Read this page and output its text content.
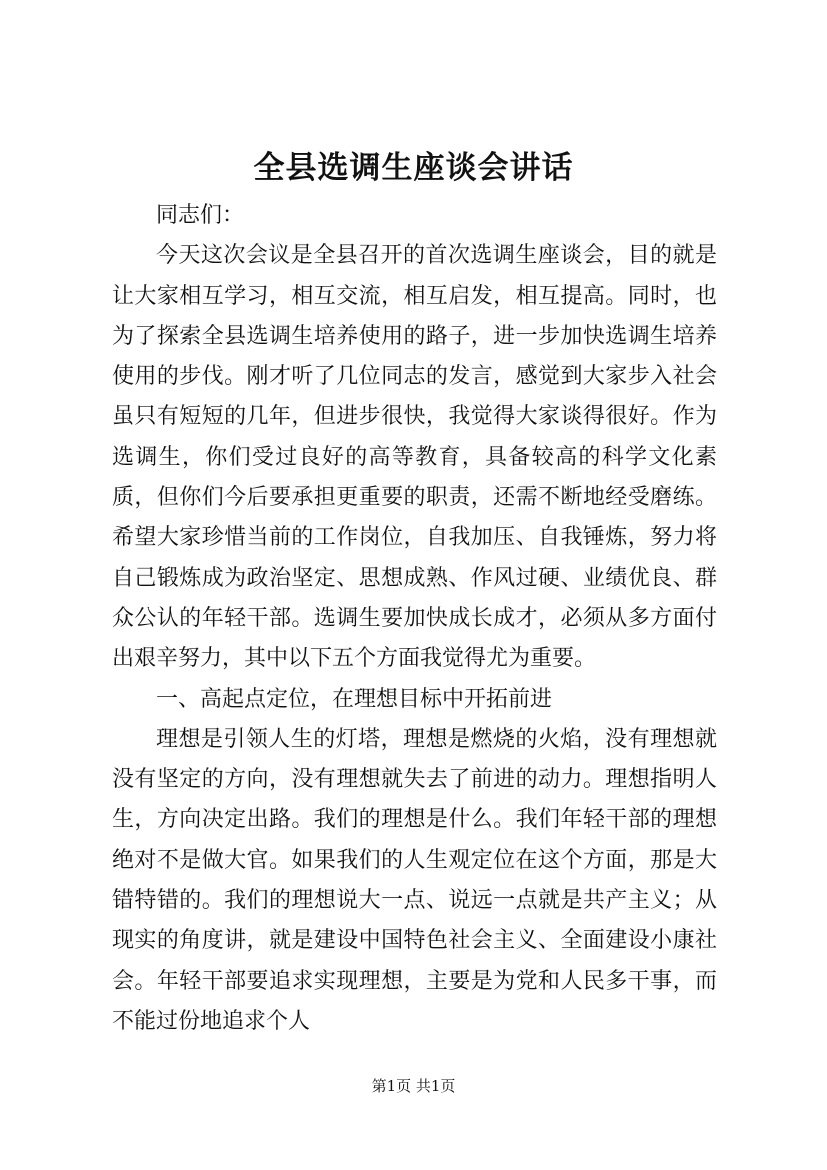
全县选调生座谈会讲话

同志们：

今天这次会议是全县召开的首次选调生座谈会，目的就是让大家相互学习，相互交流，相互启发，相互提高。同时，也为了探索全县选调生培养使用的路子，进一步加快选调生培养使用的步伐。刚才听了几位同志的发言，感觉到大家步入社会虽只有短短的几年，但进步很快，我觉得大家谈得很好。作为选调生，你们受过良好的高等教育，具备较高的科学文化素质，但你们今后要承担更重要的职责，还需不断地经受磨练。希望大家珍惜当前的工作岗位，自我加压、自我锤炼，努力将自己锻炼成为政治坚定、思想成熟、作风过硬、业绩优良、群众公认的年轻干部。选调生要加快成长成才，必须从多方面付出艰辛努力，其中以下五个方面我觉得尤为重要。

一、高起点定位，在理想目标中开拓前进

理想是引领人生的灯塔，理想是燃烧的火焰，没有理想就没有坚定的方向，没有理想就失去了前进的动力。理想指明人生，方向决定出路。我们的理想是什么。我们年轻干部的理想绝对不是做大官。如果我们的人生观定位在这个方面，那是大错特错的。我们的理想说大一点、说远一点就是共产主义；从现实的角度讲，就是建设中国特色社会主义、全面建设小康社会。年轻干部要追求实现理想，主要是为党和人民多干事，而不能过份地追求个人

第1页 共1页
